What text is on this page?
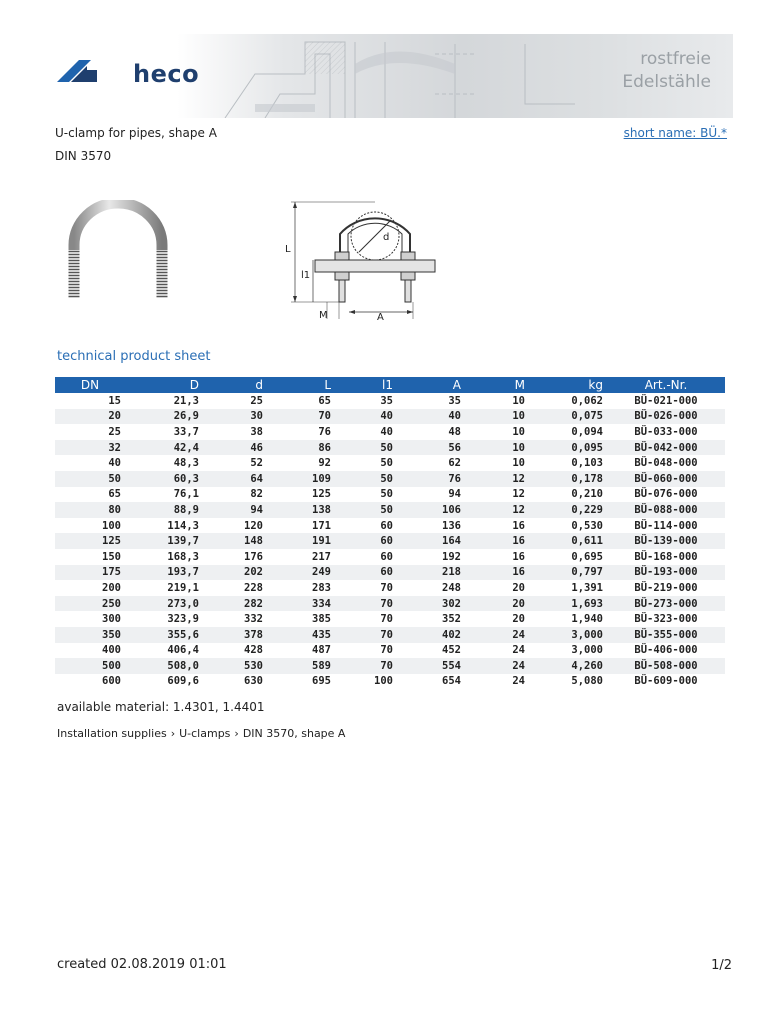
heco
rostfreie
Edelstähle
U-clamp for pipes, shape A	short name: BÜ.*
DIN 3570
L
l1
d
M	A
technical product sheet
DN	D	d	L	l1	A	M	kg	Art.-Nr.
15	21,3	25	65	35	35	10	0,062	BÜ-021-000
20	26,9	30	70	40	40	10	0,075	BÜ-026-000
25	33,7	38	76	40	48	10	0,094	BÜ-033-000
32	42,4	46	86	50	56	10	0,095	BÜ-042-000
40	48,3	52	92	50	62	10	0,103	BÜ-048-000
50	60,3	64	109	50	76	12	0,178	BÜ-060-000
65	76,1	82	125	50	94	12	0,210	BÜ-076-000
80	88,9	94	138	50	106	12	0,229	BÜ-088-000
100	114,3	120	171	60	136	16	0,530	BÜ-114-000
125	139,7	148	191	60	164	16	0,611	BÜ-139-000
150	168,3	176	217	60	192	16	0,695	BÜ-168-000
175	193,7	202	249	60	218	16	0,797	BÜ-193-000
200	219,1	228	283	70	248	20	1,391	BÜ-219-000
250	273,0	282	334	70	302	20	1,693	BÜ-273-000
300	323,9	332	385	70	352	20	1,940	BÜ-323-000
350	355,6	378	435	70	402	24	3,000	BÜ-355-000
400	406,4	428	487	70	452	24	3,000	BÜ-406-000
500	508,0	530	589	70	554	24	4,260	BÜ-508-000
600	609,6	630	695	100	654	24	5,080	BÜ-609-000
available material: 1.4301, 1.4401
Installation supplies › U-clamps › DIN 3570, shape A
created 02.08.2019 01:01	1/2
